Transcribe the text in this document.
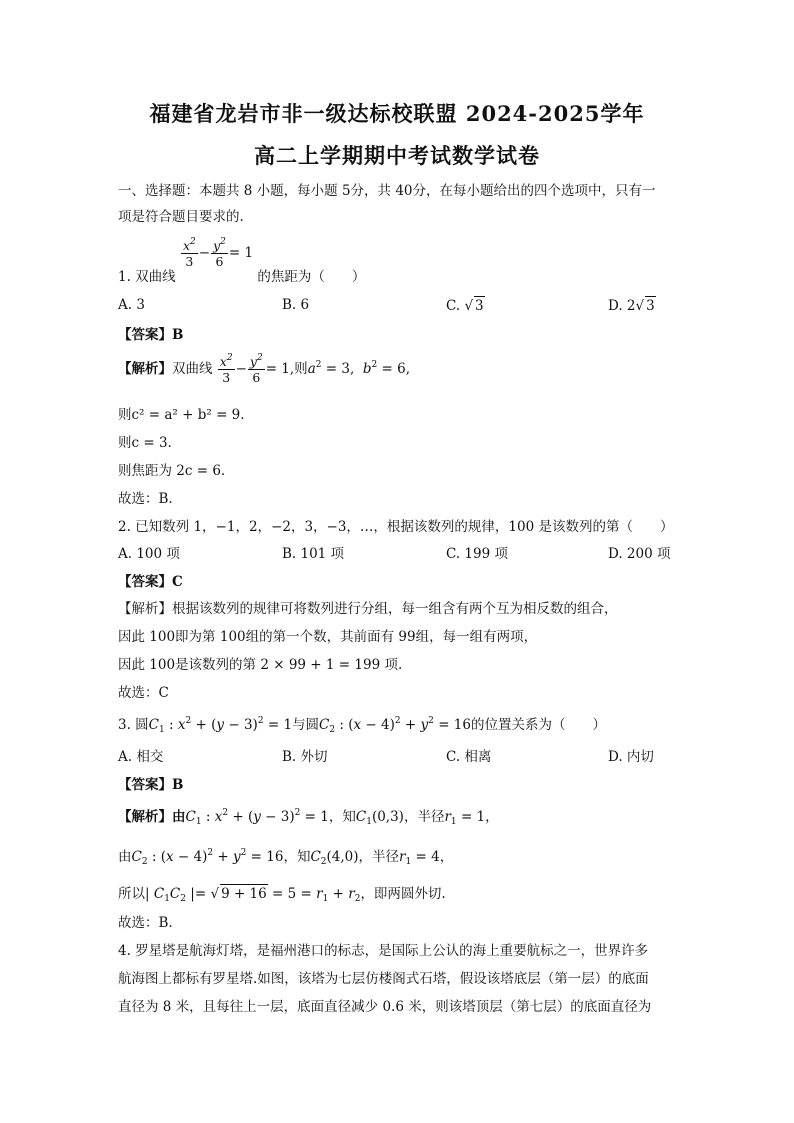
福建省龙岩市非一级达标校联盟 2024-2025学年
高二上学期期中考试数学试卷
一、选择题：本题共 8 小题，每小题 5分，共 40分，在每小题给出的四个选项中，只有一
项是符合题目要求的.
1. 双曲线
$\frac{x^2}{3} - \frac{y^2}{6} = 1$ 的焦距为（　　）
A. 3	B. 6	C. √ 3	D. 2√ 3
【答案】B
【解析】双曲线 $\frac{x^2}{3} - \frac{y^2}{6} = 1$,则$a^2 = 3$,  $b^2 = 6$,
则c² = a² + b² = 9.
则c = 3.
则焦距为 2c = 6.
故选：B.
2. 已知数列 1，−1，2，−2，3，−3，…，根据该数列的规律，100 是该数列的第（　　）
A. 100 项	B. 101 项	C. 199 项	D. 200 项
【答案】C
【解析】根据该数列的规律可将数列进行分组，每一组含有两个互为相反数的组合，
因此 100即为第 100组的第一个数，其前面有 99组，每一组有两项，
因此 100是该数列的第 2 × 99 + 1 = 199 项.
故选：C
3. 圆$C_1$ : $x^2 + (y - 3)^2 = 1$与圆$C_2$ : $(x - 4)^2 + y^2 = 16$的位置关系为（　　）
A. 相交	B. 外切	C. 相离	D. 内切
【答案】B
【解析】由$C_1$ : $x^2 + (y - 3)^2 = 1$，知$C_1(0,3)$，半径$r_1 = 1$，
由$C_2$ : $(x - 4)^2 + y^2 = 16$，知$C_2(4,0)$，半径$r_1 = 4$，
所以| $C_1C_2$ |= √ $9 + 16 = 5 = r_1 + r_2$，即两圆外切.
故选：B.
4. 罗星塔是航海灯塔，是福州港口的标志，是国际上公认的海上重要航标之一，世界许多
航海图上都标有罗星塔.如图，该塔为七层仿楼阁式石塔，假设该塔底层（第一层）的底面
直径为 8 米，且每往上一层，底面直径减少 0.6 米，则该塔顶层（第七层）的底面直径为
